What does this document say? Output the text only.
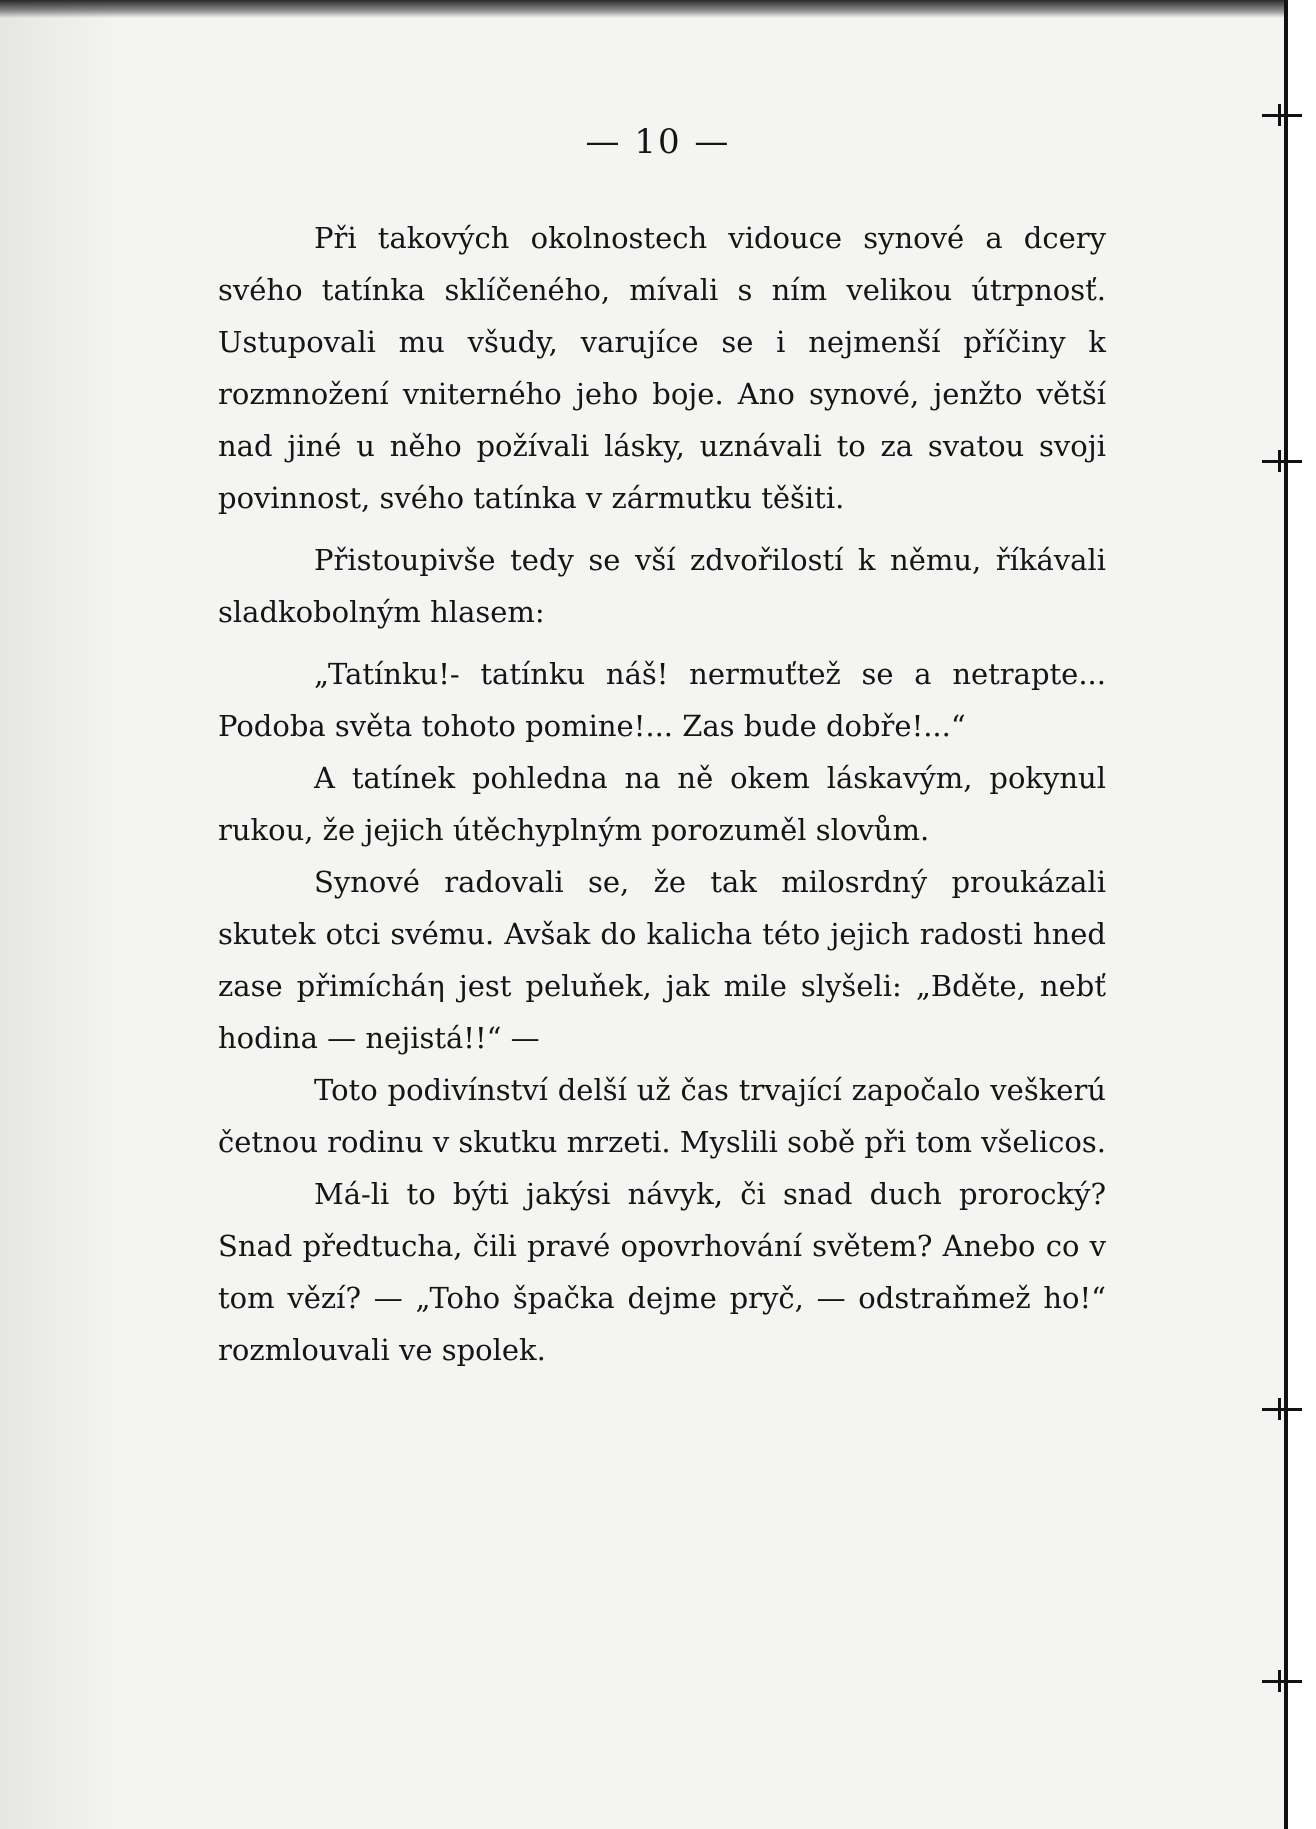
— 10 —

Při takových okolnostech vidouce synové a dcery svého tatínka sklíčeného, mívali s ním velikou útrpnosť. Ustupovali mu všudy, varujíce se i nejmenší příčiny k rozmnožení vniterného jeho boje. Ano synové, jenžto větší nad jiné u něho požívali lásky, uznávali to za svatou svoji povinnost, svého tatínka v zármutku těšiti.

Přistoupivše tedy se vší zdvořilostí k němu, říkávali sladkobolným hlasem:

„Tatínku!- tatínku náš! nermuťtež se a netrapte... Podoba světa tohoto pomine!... Zas bude dobře!...“

A tatínek pohledna na ně okem láskavým, pokynul rukou, že jejich útěchyplným porozuměl slovům.

Synové radovali se, že tak milosrdný proukázali skutek otci svému. Avšak do kalicha této jejich radosti hned zase přimícháη jest peluňek, jak mile slyšeli: „Bděte, nebť hodina — nejistá!!“ —

Toto podivínství delší už čas trvající započalo veškerú četnou rodinu v skutku mrzeti. Myslili sobě při tom všelicos.

Má-li to býti jakýsi návyk, či snad duch prorocký? Snad předtucha, čili pravé opovrhování světem? Anebo co v tom vězí? — „Toho špačka dejme pryč, — odstraňmež ho!“ rozmlouvali ve spolek.
